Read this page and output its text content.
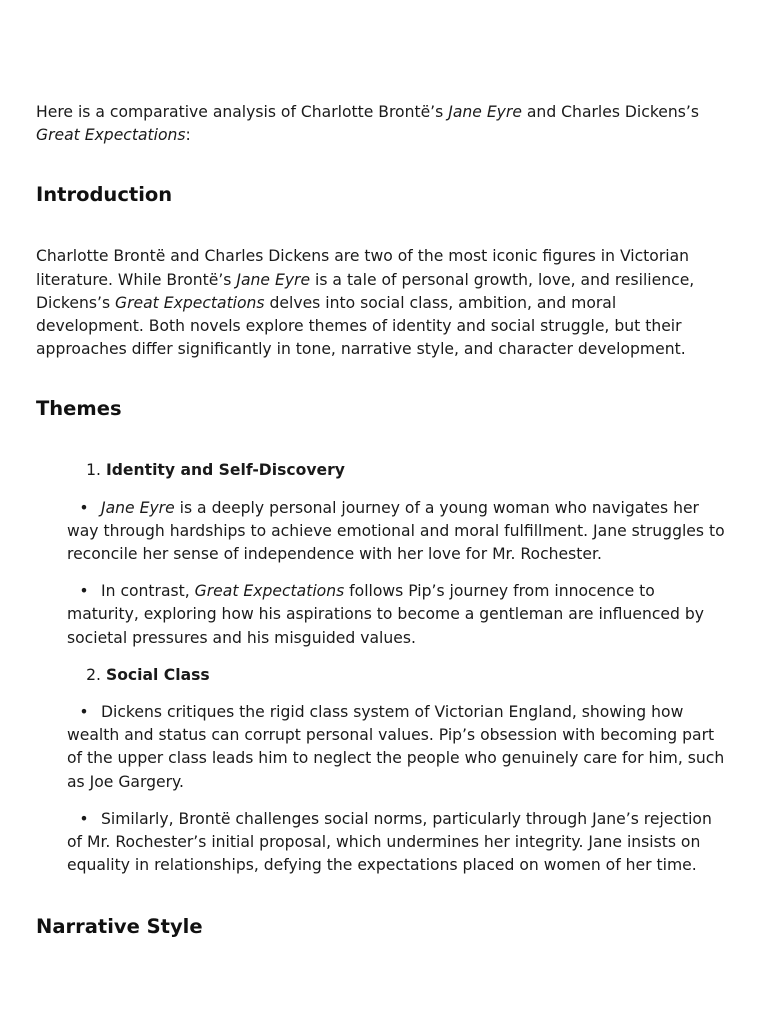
Here is a comparative analysis of Charlotte Brontë’s Jane Eyre and Charles Dickens’s Great Expectations:

Introduction

Charlotte Brontë and Charles Dickens are two of the most iconic figures in Victorian literature. While Brontë’s Jane Eyre is a tale of personal growth, love, and resilience, Dickens’s Great Expectations delves into social class, ambition, and moral development. Both novels explore themes of identity and social struggle, but their approaches differ significantly in tone, narrative style, and character development.

Themes
1. Identity and Self-Discovery
• Jane Eyre is a deeply personal journey of a young woman who navigates her way through hardships to achieve emotional and moral fulfillment. Jane struggles to reconcile her sense of independence with her love for Mr. Rochester.
• In contrast, Great Expectations follows Pip’s journey from innocence to maturity, exploring how his aspirations to become a gentleman are influenced by societal pressures and his misguided values.
2. Social Class
• Dickens critiques the rigid class system of Victorian England, showing how wealth and status can corrupt personal values. Pip’s obsession with becoming part of the upper class leads him to neglect the people who genuinely care for him, such as Joe Gargery.
• Similarly, Brontë challenges social norms, particularly through Jane’s rejection of Mr. Rochester’s initial proposal, which undermines her integrity. Jane insists on equality in relationships, defying the expectations placed on women of her time.
Narrative Style
